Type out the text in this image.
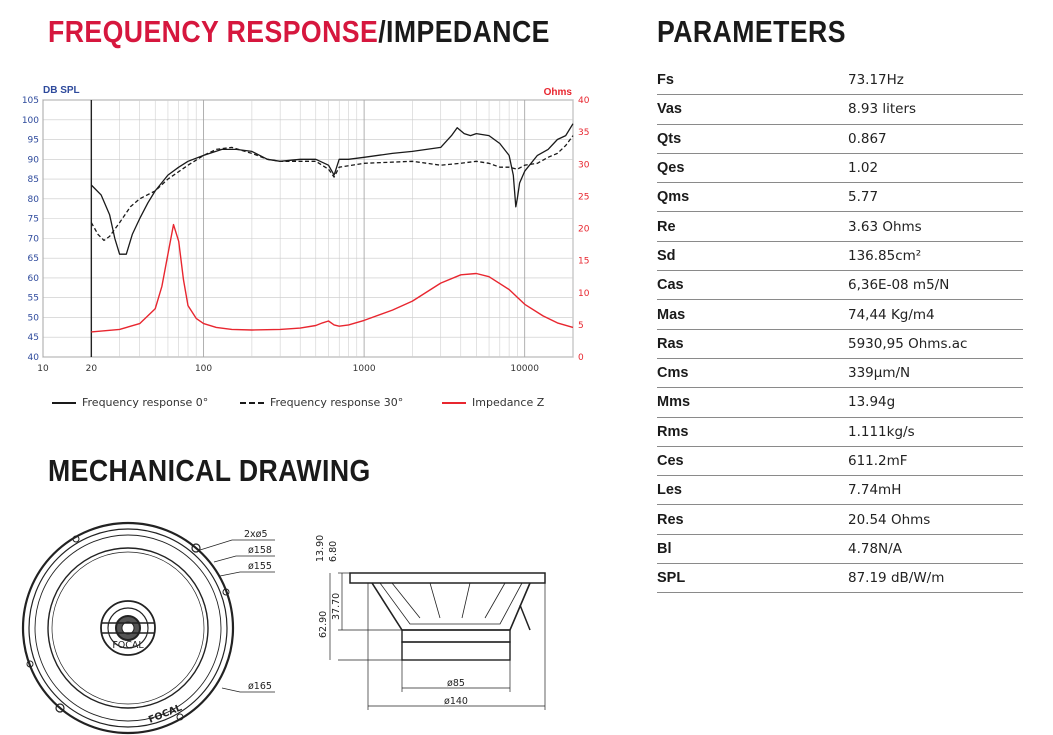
FREQUENCY RESPONSE/IMPEDANCE	PARAMETERS
MECHANICAL DRAWING
105
100
95
90
85
80
75
70
65
60
55
50
45
40
40
35
30
25
20
15
10
5
0
10	20	100	1000	10000
DB SPL	Ohms
Frequency response 0°	Frequency response 30°	Impedance Z
Fs	73.17Hz
Vas	8.93 liters
Qts	0.867
Qes	1.02
Qms	5.77
Re	3.63 Ohms
Sd	136.85cm²
Cas	6,36E-08 m5/N
Mas	74,44 Kg/m4
Ras	5930,95 Ohms.ac
Cms	339µm/N
Mms	13.94g
Rms	1.111kg/s
Ces	611.2mF
Les	7.74mH
Res	20.54 Ohms
Bl	4.78N/A
SPL	87.19 dB/W/m
FOCAL
FOCAL
2xø5
ø158
ø155
ø165
13.90 6.80
37.70
62.90
ø85
ø140
